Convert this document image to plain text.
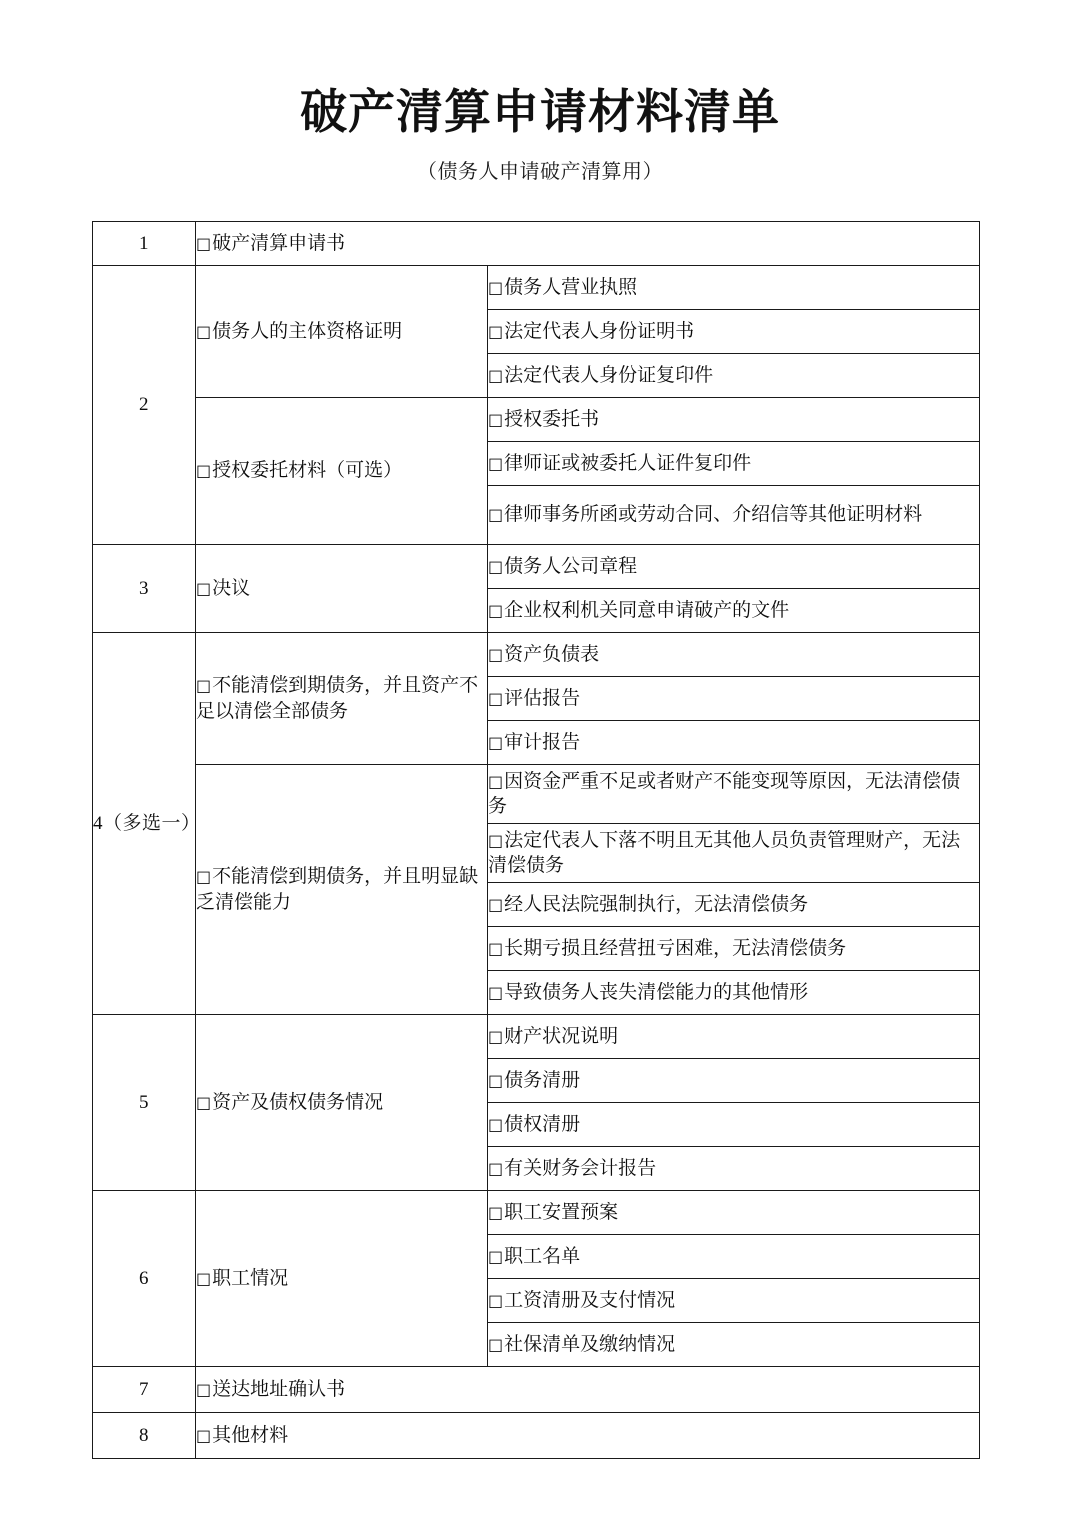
破产清算申请材料清单

（债务人申请破产清算用）

1	□破产清算申请书	
2	□债务人的主体资格证明	□债务人营业执照
		□法定代表人身份证明书
		□法定代表人身份证复印件
	□授权委托材料（可选）	□授权委托书
		□律师证或被委托人证件复印件
		□律师事务所函或劳动合同、介绍信等其他证明材料
3	□决议	□债务人公司章程
		□企业权利机关同意申请破产的文件
4（多选一）	□不能清偿到期债务，并且资产不足以清偿全部债务	□资产负债表
		□评估报告
		□审计报告
	□不能清偿到期债务，并且明显缺乏清偿能力	□因资金严重不足或者财产不能变现等原因，无法清偿债务
		□法定代表人下落不明且无其他人员负责管理财产，无法清偿债务
		□经人民法院强制执行，无法清偿债务
		□长期亏损且经营扭亏困难，无法清偿债务
		□导致债务人丧失清偿能力的其他情形
5	□资产及债权债务情况	□财产状况说明
		□债务清册
		□债权清册
		□有关财务会计报告
6	□职工情况	□职工安置预案
		□职工名单
		□工资清册及支付情况
		□社保清单及缴纳情况
7	□送达地址确认书	
8	□其他材料	
